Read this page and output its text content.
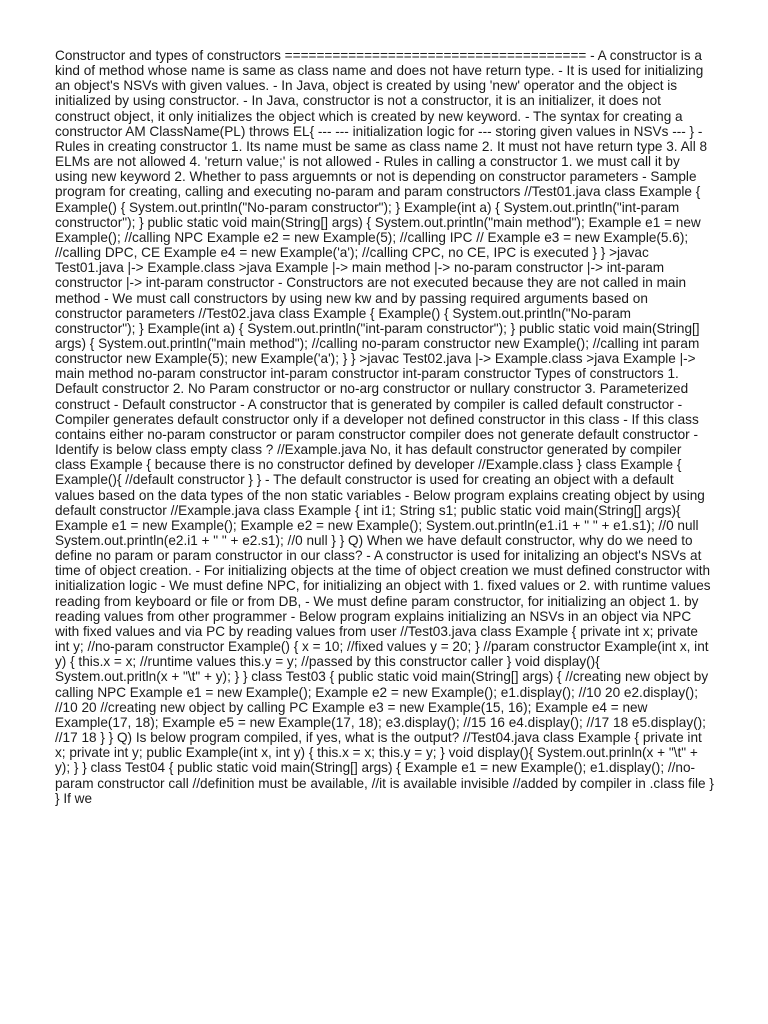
Constructor and types of constructors ====================================== - A constructor is a kind of method whose name is same as class name and does not have return type. - It is used for initializing an object's NSVs with given values. - In Java, object is created by using 'new' operator and the object is initialized by using constructor. - In Java, constructor is not a constructor, it is an initializer, it does not construct object, it only initializes the object which is created by new keyword. - The syntax for creating a constructor AM ClassName(PL) throws EL{ --- --- initialization logic for --- storing given values in NSVs --- } - Rules in creating constructor 1. Its name must be same as class name 2. It must not have return type 3. All 8 ELMs are not allowed 4. 'return value;' is not allowed - Rules in calling a constructor 1. we must call it by using new keyword 2. Whether to pass arguemnts or not is depending on constructor parameters - Sample program for creating, calling and executing no-param and param constructors //Test01.java class Example { Example() { System.out.println("No-param constructor"); } Example(int a) { System.out.println("int-param constructor"); } public static void main(String[] args) { System.out.println("main method"); Example e1 = new Example(); //calling NPC Example e2 = new Example(5); //calling IPC // Example e3 = new Example(5.6); //calling DPC, CE Example e4 = new Example('a'); //calling CPC, no CE, IPC is executed } } >javac Test01.java |-> Example.class >java Example |-> main method |-> no-param constructor |-> int-param constructor |-> int-param constructor - Constructors are not executed because they are not called in main method - We must call constructors by using new kw and by passing required arguments based on constructor parameters //Test02.java class Example { Example() { System.out.println("No-param constructor"); } Example(int a) { System.out.println("int-param constructor"); } public static void main(String[] args) { System.out.println("main method"); //calling no-param constructor new Example(); //calling int param constructor new Example(5); new Example('a'); } } >javac Test02.java |-> Example.class >java Example |-> main method no-param constructor int-param constructor int-param constructor Types of constructors 1. Default constructor 2. No Param constructor or no-arg constructor or nullary constructor 3. Parameterized construct - Default constructor - A constructor that is generated by compiler is called default constructor - Compiler generates default constructor only if a developer not defined constructor in this class - If this class contains either no-param constructor or param constructor compiler does not generate default constructor - Identify is below class empty class ? //Example.java No, it has default constructor generated by compiler class Example { because there is no constructor defined by developer //Example.class } class Example { Example(){ //default constructor } } - The default constructor is used for creating an object with a default values based on the data types of the non static variables - Below program explains creating object by using default constructor //Example.java class Example { int i1; String s1; public static void main(String[] args){ Example e1 = new Example(); Example e2 = new Example(); System.out.println(e1.i1 + " " + e1.s1); //0 null System.out.println(e2.i1 + " " + e2.s1); //0 null } } Q) When we have default constructor, why do we need to define no param or param constructor in our class? - A constructor is used for initalizing an object's NSVs at time of object creation. - For initializing objects at the time of object creation we must defined constructor with initialization logic - We must define NPC, for initializing an object with 1. fixed values or 2. with runtime values reading from keyboard or file or from DB, - We must define param constructor, for initializing an object 1. by reading values from other programmer - Below program explains initializing an NSVs in an object via NPC with fixed values and via PC by reading values from user //Test03.java class Example { private int x; private int y; //no-param constructor Example() { x = 10; //fixed values y = 20; } //param constructor Example(int x, int y) { this.x = x; //runtime values this.y = y; //passed by this constructor caller } void display(){ System.out.pritln(x + "\t" + y); } } class Test03 { public static void main(String[] args) { //creating new object by calling NPC Example e1 = new Example(); Example e2 = new Example(); e1.display(); //10 20 e2.display(); //10 20 //creating new object by calling PC Example e3 = new Example(15, 16); Example e4 = new Example(17, 18); Example e5 = new Example(17, 18); e3.display(); //15 16 e4.display(); //17 18 e5.display(); //17 18 } } Q) Is below program compiled, if yes, what is the output? //Test04.java class Example { private int x; private int y; public Example(int x, int y) { this.x = x; this.y = y; } void display(){ System.out.prinln(x + "\t" + y); } } class Test04 { public static void main(String[] args) { Example e1 = new Example(); e1.display(); //no-param constructor call //definition must be available, //it is available invisible //added by compiler in .class file } } If we
